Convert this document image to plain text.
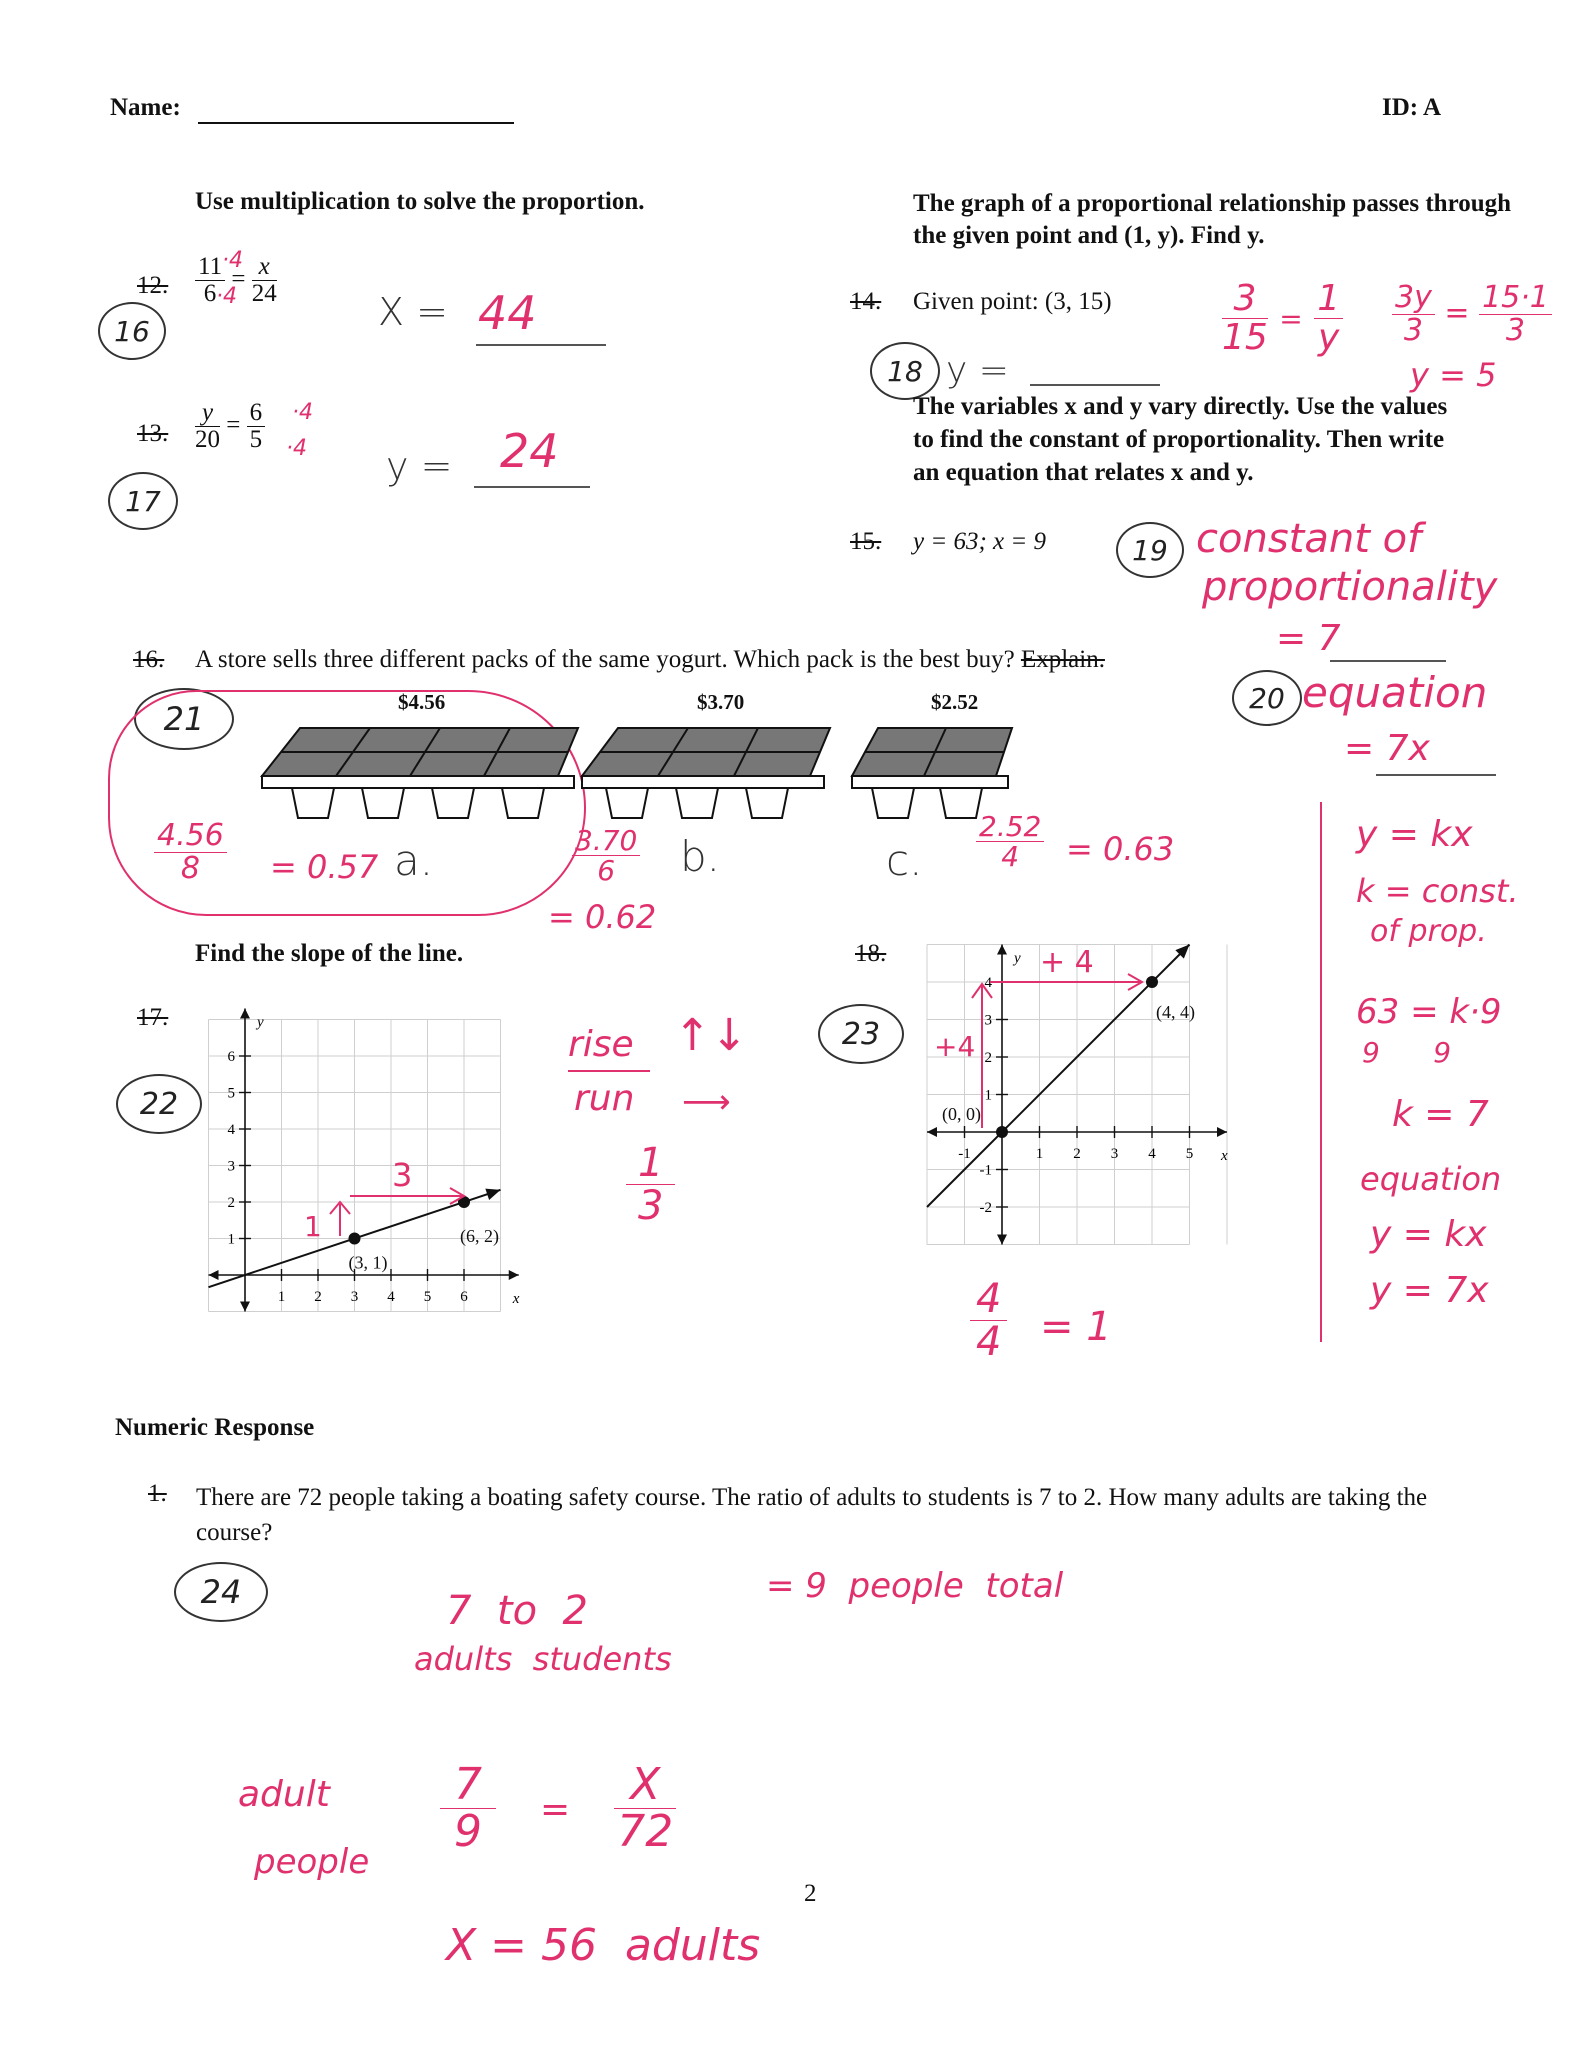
Name:	ID: A
Use multiplication to solve the proportion.
12.
16
$\frac{11}{6} = \frac{x}{24}$
·4
·4	X = 44
13.
17
$\frac{y}{20} = \frac{6}{5} \cdot 4$
·4 y = 24
The graph of a proportional relationship passes through the given point and (1, y). Find y.
14. Given point: (3, 15)
18 y =
$\frac{3}{15} = \frac{1}{y} \frac{3y}{3} = \frac{15\cdot 1}{3}$
y = 5
The variables x and y vary directly. Use the values to find the constant of proportionality. Then write an equation that relates x and y.
15. y = 63; x = 9	19 constant of
proportionality
= 7
20 equation
= 7x
y = kx
k = const.
of prop.
63 = k·9
9      9
k = 7
equation
y = kx
y = 7x
16. A store sells three different packs of the same yogurt. Which pack is the best buy? Explain.
21	$4.56	$3.70	$2.52
$\frac{4.56}{8} = 0.57$ a.	$\frac{3.70}{6}$
= 0.62
b.	c. $\frac{2.52}{4} = 0.63$
Find the slope of the line.
17.
22
1 2 3 4 5 6
1
2
3
4
5
6
x
y
(3, 1)
(6, 2)
1
3
rise
run
↑↓
⟶
$\frac{1}{3}$
18.
23
-1	1 2 3 4 5
-2
-1
1
2
3
4
x
y
(0, 0)
(4, 4)
+4
+ 4
$\frac{4}{4} = 1$
Numeric Response
1. There are 72 people taking a boating safety course. The ratio of adults to students is 7 to 2. How many adults are taking the course?
24	7  to  2
adults  students
= 9  people  total
adult
people
$\frac{7}{9} = \frac{X}{72}$
X = 56  adults
2
